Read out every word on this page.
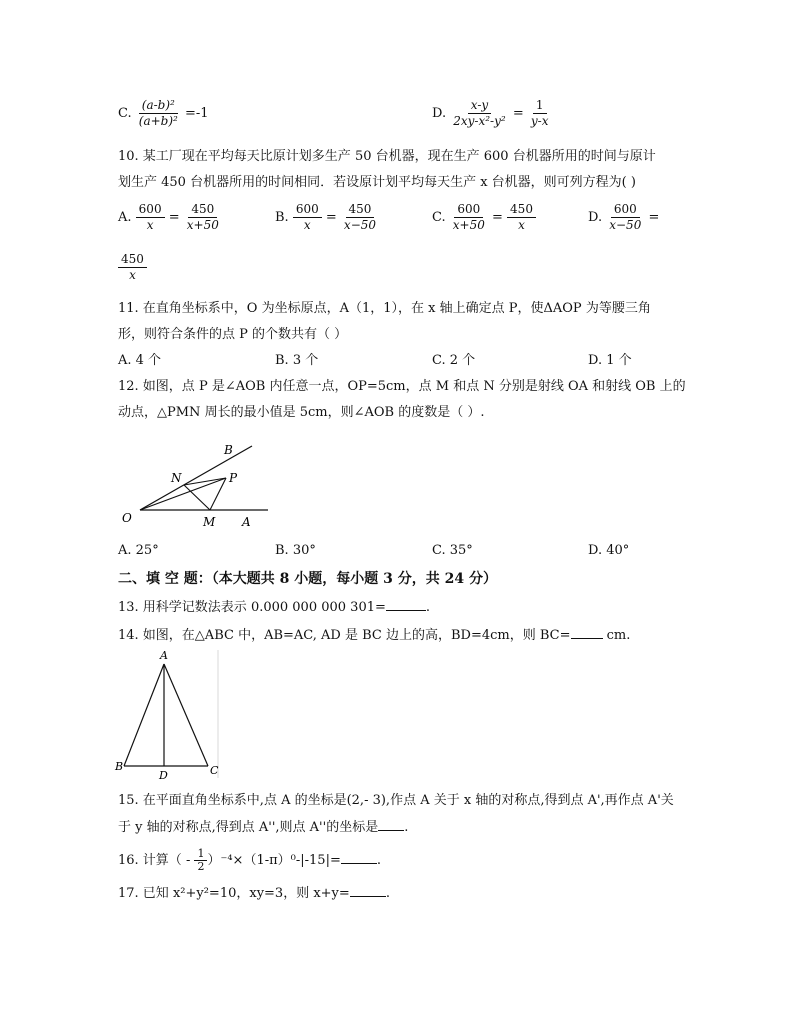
C. $\frac{\text{(a-b)²}}{\text{(a+b)²}} =-1$	D. $\frac{x-y}{\text{2xy-x²-y²}} = \frac{1}{y-x}$
10. 某工厂现在平均每天比原计划多生产 50 台机器，现在生产 600 台机器所用的时间与原计
划生产 450 台机器所用的时间相同．若设原计划平均每天生产 x 台机器，则可列方程为( )
A. $\frac{600}{x} = \frac{450}{x+50}$	B. $\frac{600}{x} = \frac{450}{x-50}$	C. $\frac{600}{x+50} = \frac{450}{x}$	D. $\frac{600}{x-50}$ =
$\frac{450}{x}$
11. 在直角坐标系中，O 为坐标原点，A（1，1），在 x 轴上确定点 P，使ΔAOP 为等腰三角
形，则符合条件的点 P 的个数共有（ ）
A. 4 个	B. 3 个	C. 2 个	D. 1 个
12. 如图，点 P 是∠AOB 内任意一点，OP=5cm，点 M 和点 N 分别是射线 OA 和射线 OB 上的
动点，△PMN 周长的最小值是 5cm，则∠AOB 的度数是（ ）.
O	A
B
M
N	P
A. 25°	B. 30°	C. 35°	D. 40°
二、填 空 题：（本大题共 8 小题，每小题 3 分，共 24 分）
13. 用科学记数法表示 0.000 000 000 301=	.
14. 如图，在△ABC 中，AB=AC, AD 是 BC 边上的高，BD=4cm，则 BC= cm.
A
B	C
D
15. 在平面直角坐标系中,点 A 的坐标是(2,- 3),作点 A 关于 x 轴的对称点,得到点 A',再作点 A'关
于 y 轴的对称点,得到点 A'',则点 A''的坐标是 .
16. 计算（ - $\frac{1}{2} )^{-4}\times(1-\pi)^0-|-15|=$	.
17. 已知 x²+y²=10，xy=3，则 x+y=	.
